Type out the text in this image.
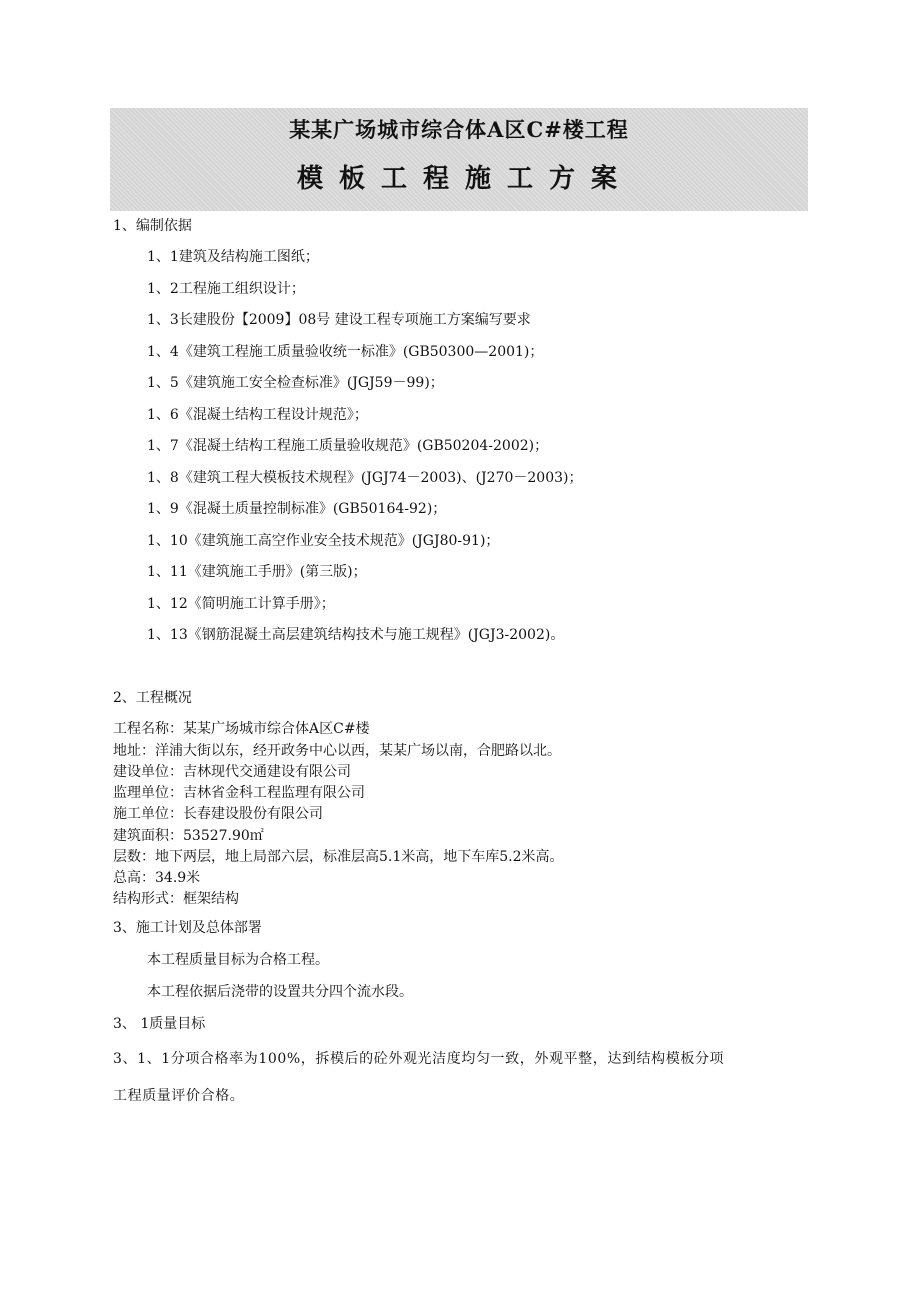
某某广场城市综合体A区C#楼工程
模板工程施工方案
1、编制依据
1、1建筑及结构施工图纸；
1、2工程施工组织设计；
1、3长建股份【2009】08号 建设工程专项施工方案编写要求
1、4《建筑工程施工质量验收统一标准》(GB50300—2001)；
1、5《建筑施工安全检查标准》(JGJ59－99)；
1、6《混凝土结构工程设计规范》；
1、7《混凝土结构工程施工质量验收规范》(GB50204-2002)；
1、8《建筑工程大模板技术规程》(JGJ74－2003)、(J270－2003)；
1、9《混凝土质量控制标准》(GB50164-92)；
1、10《建筑施工高空作业安全技术规范》(JGJ80-91)；
1、11《建筑施工手册》(第三版)；
1、12《简明施工计算手册》；
1、13《钢筋混凝土高层建筑结构技术与施工规程》(JGJ3-2002)。
2、工程概况
工程名称：某某广场城市综合体A区C#楼
地址：洋浦大街以东，经开政务中心以西，某某广场以南，合肥路以北。
建设单位：吉林现代交通建设有限公司
监理单位：吉林省金科工程监理有限公司
施工单位：长春建设股份有限公司
建筑面积：53527.90㎡
层数：地下两层，地上局部六层，标准层高5.1米高，地下车库5.2米高。
总高：34.9米
结构形式：框架结构
3、施工计划及总体部署
本工程质量目标为合格工程。
本工程依据后浇带的设置共分四个流水段。
3、 1质量目标
3、1、1分项合格率为100%，拆模后的砼外观光洁度均匀一致，外观平整，达到结构模板分项
工程质量评价合格。
